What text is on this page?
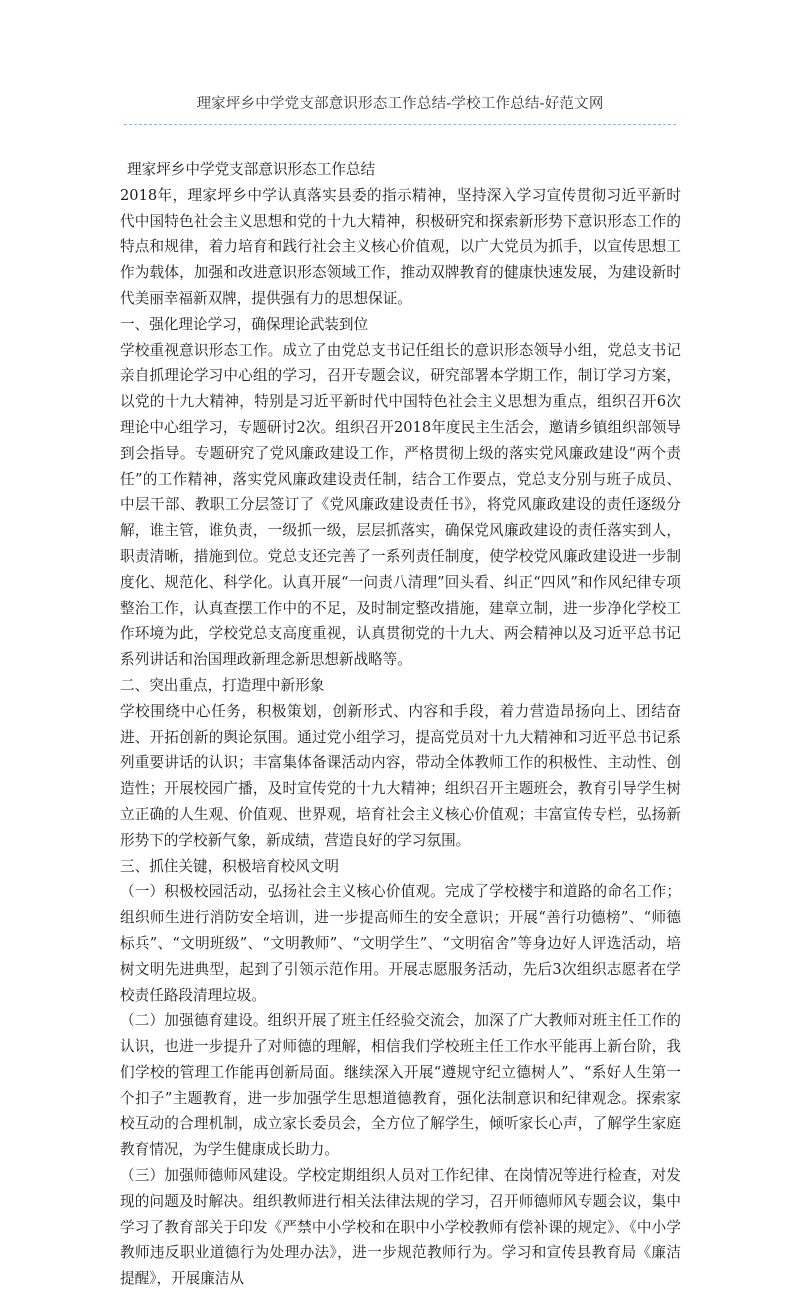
理家坪乡中学党支部意识形态工作总结-学校工作总结-好范文网

理家坪乡中学党支部意识形态工作总结

2018年，理家坪乡中学认真落实县委的指示精神，坚持深入学习宣传贯彻习近平新时代中国特色社会主义思想和党的十九大精神，积极研究和探索新形势下意识形态工作的特点和规律，着力培育和践行社会主义核心价值观，以广大党员为抓手，以宣传思想工作为载体，加强和改进意识形态领域工作，推动双牌教育的健康快速发展，为建设新时代美丽幸福新双牌，提供强有力的思想保证。

一、强化理论学习，确保理论武装到位

学校重视意识形态工作。成立了由党总支书记任组长的意识形态领导小组，党总支书记亲自抓理论学习中心组的学习，召开专题会议，研究部署本学期工作，制订学习方案，以党的十九大精神，特别是习近平新时代中国特色社会主义思想为重点，组织召开6次理论中心组学习，专题研讨2次。组织召开2018年度民主生活会，邀请乡镇组织部领导到会指导。专题研究了党风廉政建设工作，严格贯彻上级的落实党风廉政建设“两个责任”的工作精神，落实党风廉政建设责任制，结合工作要点，党总支分别与班子成员、中层干部、教职工分层签订了《党风廉政建设责任书》，将党风廉政建设的责任逐级分解，谁主管，谁负责，一级抓一级，层层抓落实，确保党风廉政建设的责任落实到人，职责清晰，措施到位。党总支还完善了一系列责任制度，使学校党风廉政建设进一步制度化、规范化、科学化。认真开展“一问责八清理”回头看、纠正“四风”和作风纪律专项整治工作，认真查摆工作中的不足，及时制定整改措施，建章立制，进一步净化学校工作环境为此，学校党总支高度重视，认真贯彻党的十九大、两会精神以及习近平总书记系列讲话和治国理政新理念新思想新战略等。

二、突出重点，打造理中新形象

学校围绕中心任务，积极策划，创新形式、内容和手段，着力营造昂扬向上、团结奋进、开拓创新的舆论氛围。通过党小组学习，提高党员对十九大精神和习近平总书记系列重要讲话的认识；丰富集体备课活动内容，带动全体教师工作的积极性、主动性、创造性；开展校园广播，及时宣传党的十九大精神；组织召开主题班会，教育引导学生树立正确的人生观、价值观、世界观，培育社会主义核心价值观；丰富宣传专栏，弘扬新形势下的学校新气象，新成绩，营造良好的学习氛围。

三、抓住关键，积极培育校风文明

（一）积极校园活动，弘扬社会主义核心价值观。完成了学校楼宇和道路的命名工作；组织师生进行消防安全培训，进一步提高师生的安全意识；开展“善行功德榜”、“师德标兵”、“文明班级”、“文明教师”、“文明学生”、“文明宿舍”等身边好人评选活动，培树文明先进典型，起到了引领示范作用。开展志愿服务活动，先后3次组织志愿者在学校责任路段清理垃圾。

（二）加强德育建设。组织开展了班主任经验交流会，加深了广大教师对班主任工作的认识，也进一步提升了对师德的理解，相信我们学校班主任工作水平能再上新台阶，我们学校的管理工作能再创新局面。继续深入开展“遵规守纪立德树人”、“系好人生第一个扣子”主题教育，进一步加强学生思想道德教育，强化法制意识和纪律观念。探索家校互动的合理机制，成立家长委员会，全方位了解学生，倾听家长心声，了解学生家庭教育情况，为学生健康成长助力。

（三）加强师德师风建设。学校定期组织人员对工作纪律、在岗情况等进行检查，对发现的问题及时解决。组织教师进行相关法律法规的学习，召开师德师风专题会议，集中学习了教育部关于印发《严禁中小学校和在职中小学校教师有偿补课的规定》、《中小学教师违反职业道德行为处理办法》，进一步规范教师行为。学习和宣传县教育局《廉洁提醒》，开展廉洁从
